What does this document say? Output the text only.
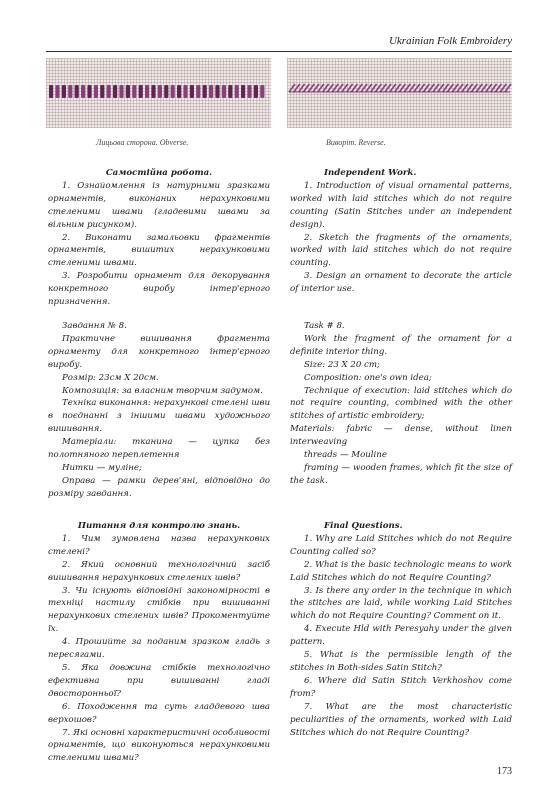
Ukrainian Folk Embroidery
Лицьова сторона. Obverse.	Виворіт. Reverse.

Самостійна робота.

1. Ознайомлення із натурними зразками орнаментів, виконаних нерахунковими стеленими швами (гладевими швами за вільним рисунком).

2. Виконати замальовки фрагментів орнаментів, вишитих нерахунковими стеленими швами.

3. Розробити орнамент для декорування конкретного виробу інтер'єрного призначення.

Завдання № 8.

Практичне вишивання фрагмента орнаменту для конкретного інтер'єрного виробу.

Розмір: 23см Х 20см.

Композиція: за власним творчим задумом.

Техніка виконання: нерахункові стелені шви в поєднанні з іншими швами художнього вишивання.

Матеріали: тканина — цупка без полотняного переплетення

Нитки — муліне;

Оправа — рамки дерев'яні, відповідно до розміру завдання.

Питання для контролю знань.

1. Чим зумовлена назва нерахункових стелені?

2. Який основний технологічний засіб вишивання нерахункових стелених швів?

3. Чи існують відповідні закономірності в техніці настилу стібків при вишиванні нерахункових стелених швів? Прокоментуйте їх.

4. Прошийте за поданим зразком гладь з пересягами.

5. Яка довжина стібків технологічно ефективна при вишиванні гладі двосторонньої?

6. Походження та суть гладдевого шва верхошов?

7. Які основні характеристичні особливості орнаментів, що виконуються нерахунковими стеленими швами?

Independent Work.

1. Introduction of visual ornamental patterns, worked with laid stitches which do not require counting (Satin Stitches under an independent design).

2. Sketch the fragments of the ornaments, worked with laid stitches which do not require counting.

3. Design an ornament to decorate the article of interior use.

Task # 8.

Work the fragment of the ornament for a definite interior thing.

Size: 23 X 20 cm;

Composition: one's own idea;

Technique of execution: laid stitches which do not require counting, combined with the other stitches of artistic embroidery;

Materials: fabric — dense, without linen interweaving

threads — Mouline

framing — wooden frames, which fit the size of the task.

Final Questions.

1. Why are Laid Stitches which do not Require Counting called so?

2. What is the basic technologic means to work Laid Stitches which do not Require Counting?

3. Is there any order in the technique in which the stitches are laid, while working Laid Stitches which do not Require Counting? Comment on it.

4. Execute Hld with Peresyahy under the given pattern.

5. What is the permissible length of the stitches in Both-sides Satin Stitch?

6. Where did Satin Stitch Verkhoshov come from?

7. What are the most characteristic peculiarities of the ornaments, worked with Laid Stitches which do not Require Counting?

173
